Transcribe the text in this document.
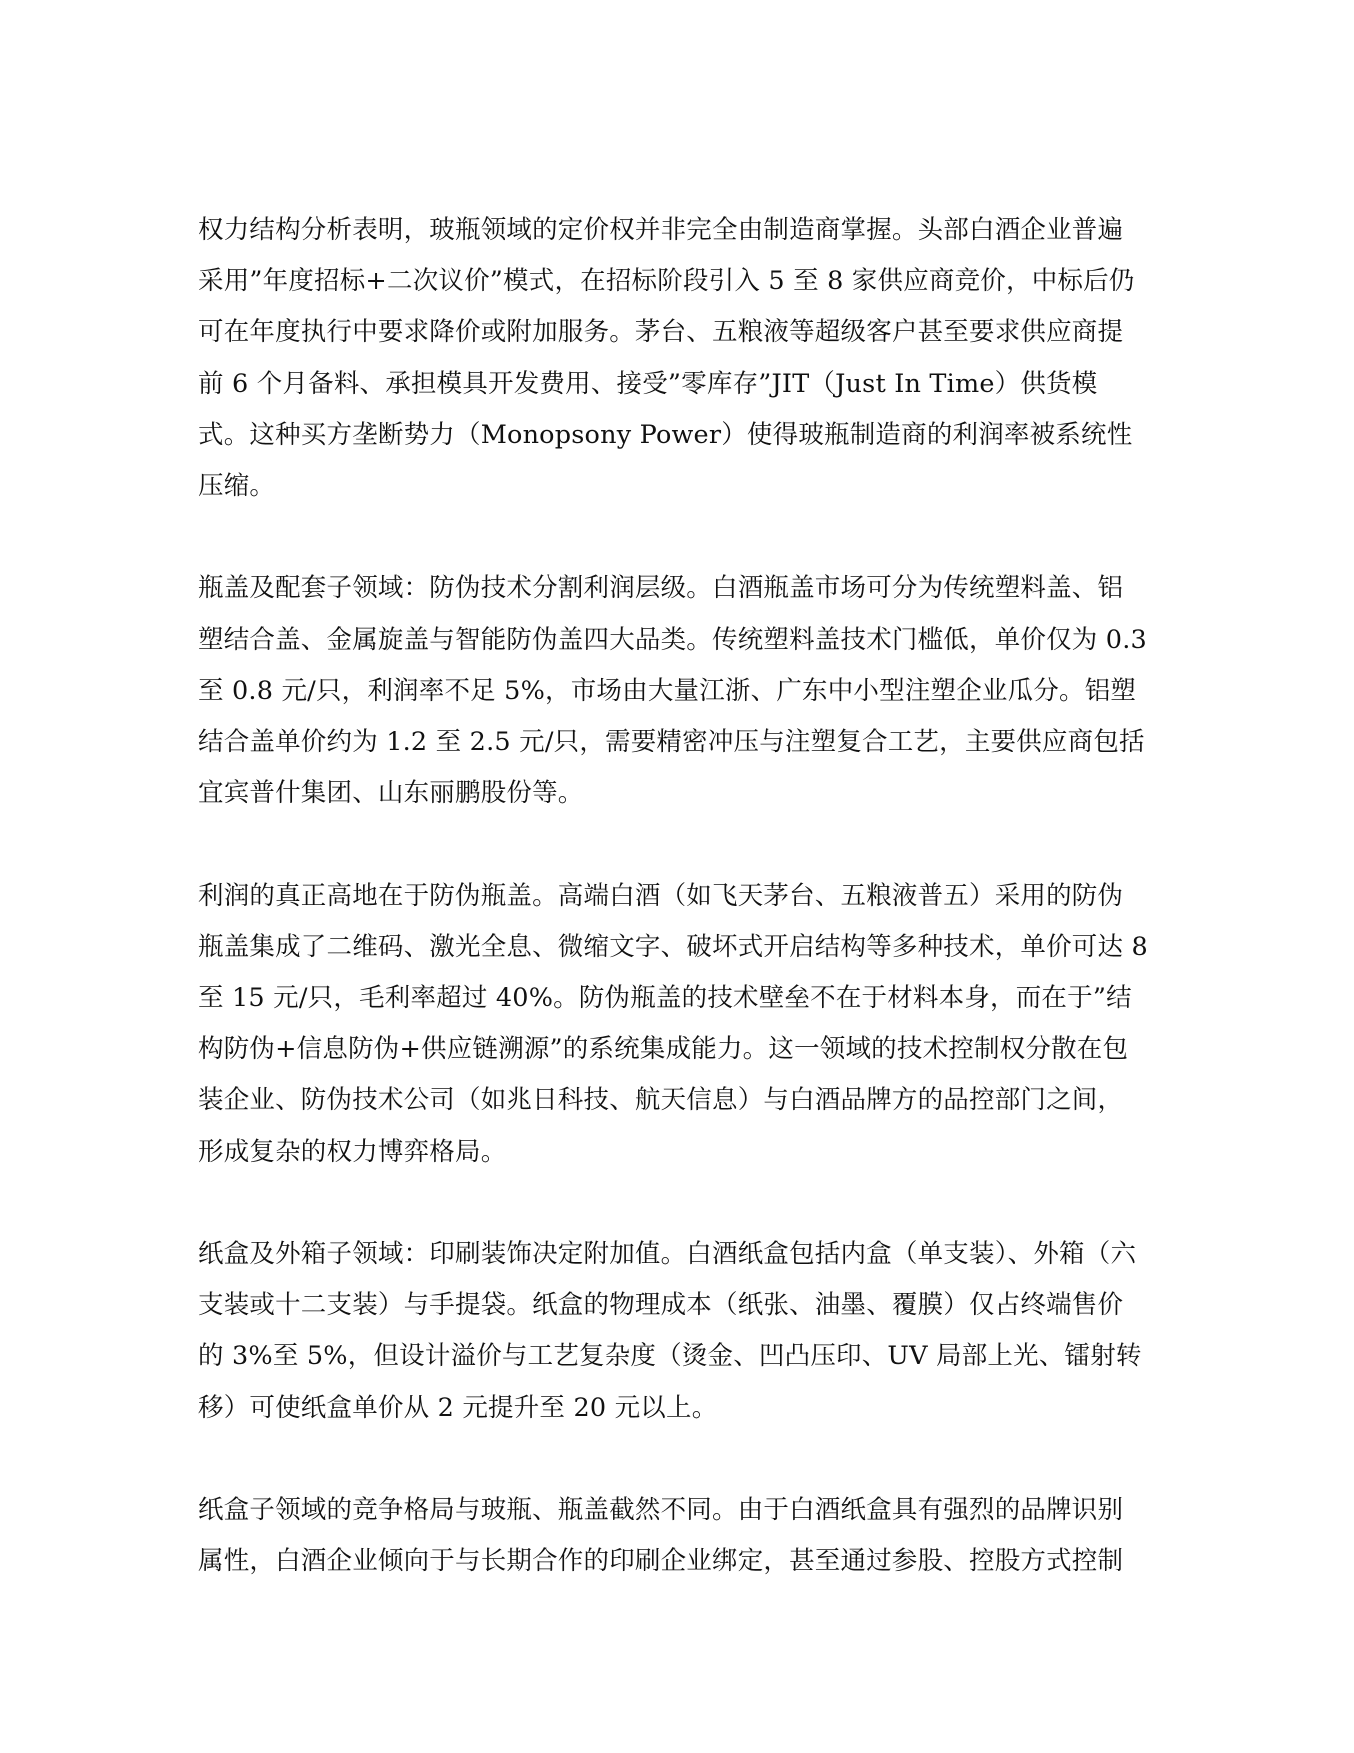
权力结构分析表明，玻瓶领域的定价权并非完全由制造商掌握。头部白酒企业普遍采用”年度招标+二次议价”模式，在招标阶段引入 5 至 8 家供应商竞价，中标后仍可在年度执行中要求降价或附加服务。茅台、五粮液等超级客户甚至要求供应商提前 6 个月备料、承担模具开发费用、接受”零库存”JIT（Just In Time）供货模式。这种买方垄断势力（Monopsony Power）使得玻瓶制造商的利润率被系统性压缩。

瓶盖及配套子领域：防伪技术分割利润层级。白酒瓶盖市场可分为传统塑料盖、铝塑结合盖、金属旋盖与智能防伪盖四大品类。传统塑料盖技术门槛低，单价仅为 0.3 至 0.8 元/只，利润率不足 5%，市场由大量江浙、广东中小型注塑企业瓜分。铝塑结合盖单价约为 1.2 至 2.5 元/只，需要精密冲压与注塑复合工艺，主要供应商包括宜宾普什集团、山东丽鹏股份等。

利润的真正高地在于防伪瓶盖。高端白酒（如飞天茅台、五粮液普五）采用的防伪瓶盖集成了二维码、激光全息、微缩文字、破坏式开启结构等多种技术，单价可达 8 至 15 元/只，毛利率超过 40%。防伪瓶盖的技术壁垒不在于材料本身，而在于”结构防伪+信息防伪+供应链溯源”的系统集成能力。这一领域的技术控制权分散在包装企业、防伪技术公司（如兆日科技、航天信息）与白酒品牌方的品控部门之间，形成复杂的权力博弈格局。

纸盒及外箱子领域：印刷装饰决定附加值。白酒纸盒包括内盒（单支装）、外箱（六支装或十二支装）与手提袋。纸盒的物理成本（纸张、油墨、覆膜）仅占终端售价的 3%至 5%，但设计溢价与工艺复杂度（烫金、凹凸压印、UV 局部上光、镭射转移）可使纸盒单价从 2 元提升至 20 元以上。

纸盒子领域的竞争格局与玻瓶、瓶盖截然不同。由于白酒纸盒具有强烈的品牌识别属性，白酒企业倾向于与长期合作的印刷企业绑定，甚至通过参股、控股方式控制
